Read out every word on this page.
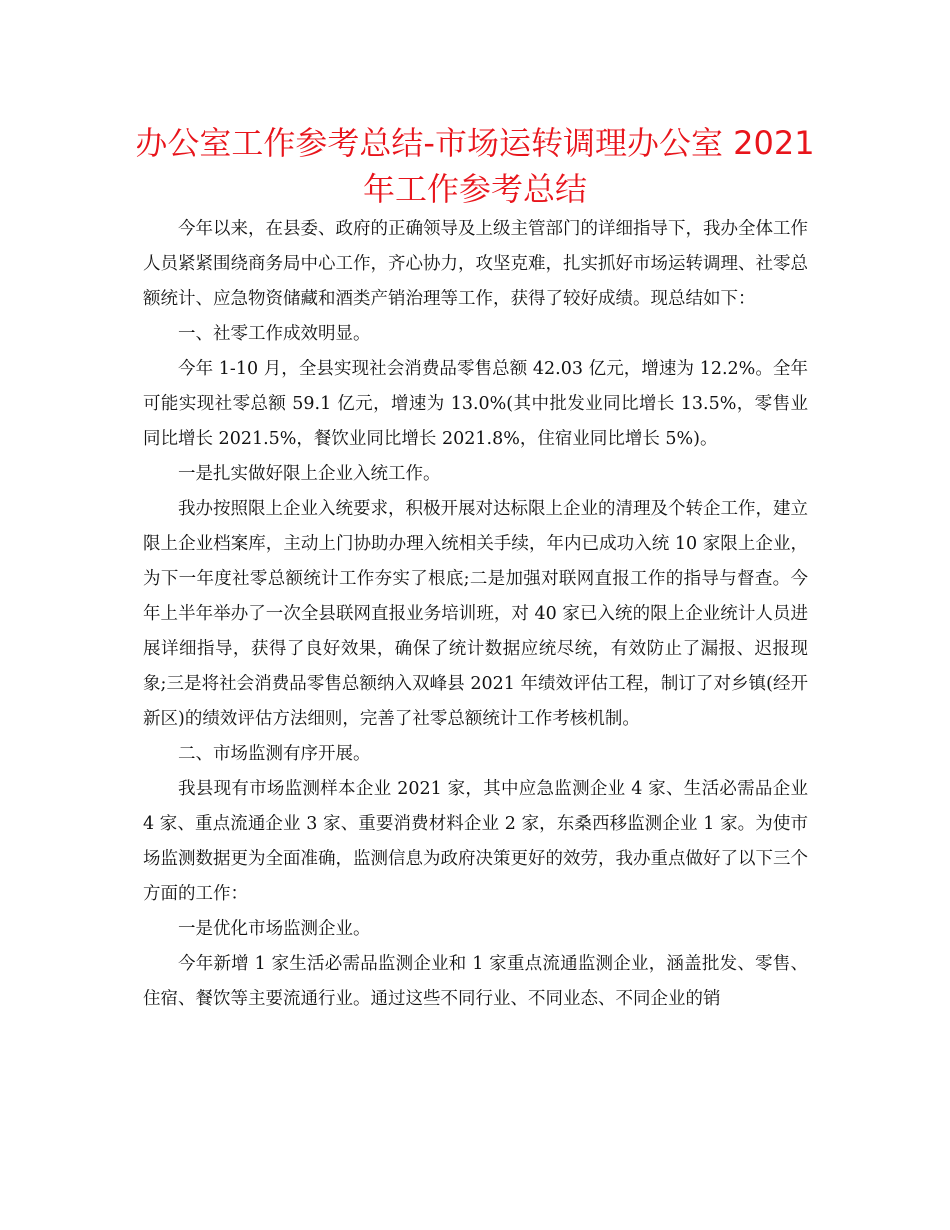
办公室工作参考总结-市场运转调理办公室 2021 年工作参考总结

今年以来，在县委、政府的正确领导及上级主管部门的详细指导下，我办全体工作人员紧紧围绕商务局中心工作，齐心协力，攻坚克难，扎实抓好市场运转调理、社零总额统计、应急物资储藏和酒类产销治理等工作，获得了较好成绩。现总结如下：

一、社零工作成效明显。

今年 1-10 月，全县实现社会消费品零售总额 42.03 亿元，增速为 12.2%。全年可能实现社零总额 59.1 亿元，增速为 13.0%(其中批发业同比增长 13.5%，零售业同比增长 2021.5%，餐饮业同比增长 2021.8%，住宿业同比增长 5%)。

一是扎实做好限上企业入统工作。

我办按照限上企业入统要求，积极开展对达标限上企业的清理及个转企工作，建立限上企业档案库，主动上门协助办理入统相关手续，年内已成功入统 10 家限上企业，为下一年度社零总额统计工作夯实了根底;二是加强对联网直报工作的指导与督查。今年上半年举办了一次全县联网直报业务培训班，对 40 家已入统的限上企业统计人员进展详细指导，获得了良好效果，确保了统计数据应统尽统，有效防止了漏报、迟报现象;三是将社会消费品零售总额纳入双峰县 2021 年绩效评估工程，制订了对乡镇(经开新区)的绩效评估方法细则，完善了社零总额统计工作考核机制。

二、市场监测有序开展。

我县现有市场监测样本企业 2021 家，其中应急监测企业 4 家、生活必需品企业 4 家、重点流通企业 3 家、重要消费材料企业 2 家，东桑西移监测企业 1 家。为使市场监测数据更为全面准确，监测信息为政府决策更好的效劳，我办重点做好了以下三个方面的工作：

一是优化市场监测企业。

今年新增 1 家生活必需品监测企业和 1 家重点流通监测企业，涵盖批发、零售、住宿、餐饮等主要流通行业。通过这些不同行业、不同业态、不同企业的销
